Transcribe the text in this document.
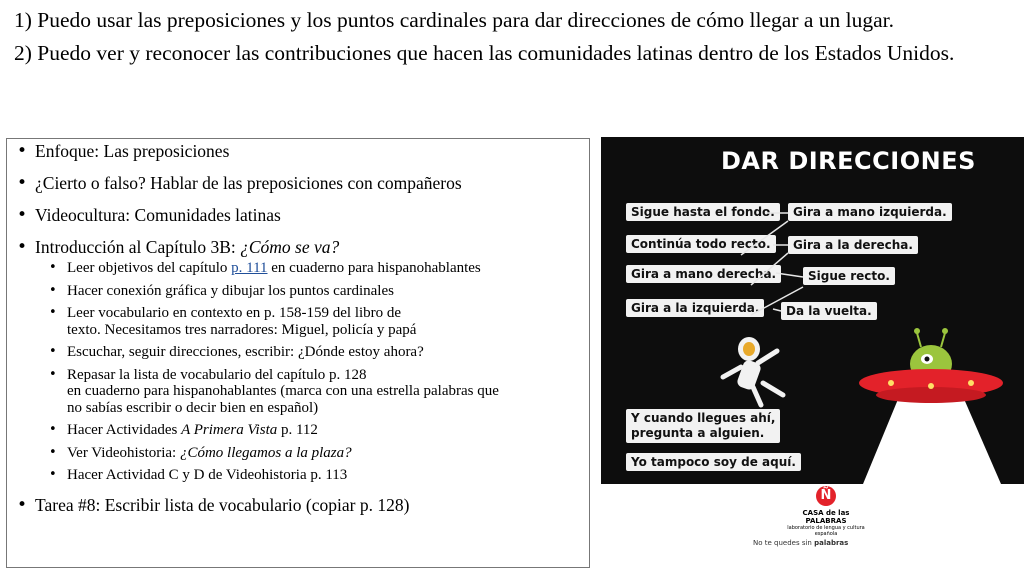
1) Puedo usar las preposiciones y los puntos cardinales para dar direcciones de cómo llegar a un lugar.

2) Puedo ver y reconocer las contribuciones que hacen las comunidades latinas dentro de los Estados Unidos.

• Enfoque: Las preposiciones
• ¿Cierto o falso? Hablar de las preposiciones con compañeros
• Videocultura: Comunidades latinas
• Introducción al Capítulo 3B: ¿Cómo se va?
• Leer objetivos del capítulo p. 111 en cuaderno para hispanohablantes
• Hacer conexión gráfica y dibujar los puntos cardinales
• Leer vocabulario en contexto en p. 158-159 del libro de
texto. Necesitamos tres narradores: Miguel, policía y papá
• Escuchar, seguir direcciones, escribir: ¿Dónde estoy ahora?
• Repasar la lista de vocabulario del capítulo p. 128
en cuaderno para hispanohablantes (marca con una estrella palabras que
no sabías escribir o decir bien en español)
• Hacer Actividades A Primera Vista p. 112
• Ver Videohistoria: ¿Cómo llegamos a la plaza?
• Hacer Actividad C y D de Videohistoria p. 113
• Tarea #8: Escribir lista de vocabulario (copiar p. 128)
DAR DIRECCIONES
Sigue hasta el fondo.	Gira a mano izquierda.
Continúa todo recto.	Gira a la derecha.
Gira a mano derecha.	Sigue recto.
Gira a la izquierda.	Da la vuelta.
Y cuando llegues ahí,
pregunta a alguien.
Yo tampoco soy de aquí.
Ñ
CASA de las PALABRAS
laboratorio de lengua y cultura española
No te quedes sin palabras
